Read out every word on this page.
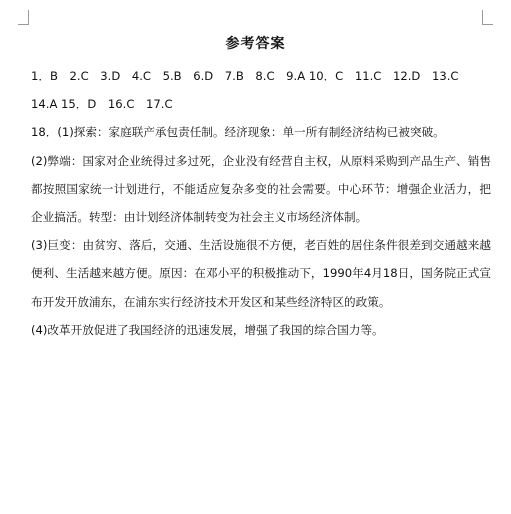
参考答案
1．B　2.C　3.D　4.C　5.B　6.D　7.B　8.C　9.A 10．C　11.C　12.D　13.C
14.A 15．D　16.C　17.C
18．(1)探索：家庭联产承包责任制。经济现象：单一所有制经济结构已被突破。
(2)弊端：国家对企业统得过多过死，企业没有经营自主权，从原料采购到产品生产、销售都按照国家统一计划进行，不能适应复杂多变的社会需要。中心环节：增强企业活力，把企业搞活。转型：由计划经济体制转变为社会主义市场经济体制。
(3)巨变：由贫穷、落后，交通、生活设施很不方便，老百姓的居住条件很差到交通越来越便利、生活越来越方便。原因：在邓小平的积极推动下，1990年4月18日，国务院正式宣布开发开放浦东，在浦东实行经济技术开发区和某些经济特区的政策。
(4)改革开放促进了我国经济的迅速发展，增强了我国的综合国力等。
